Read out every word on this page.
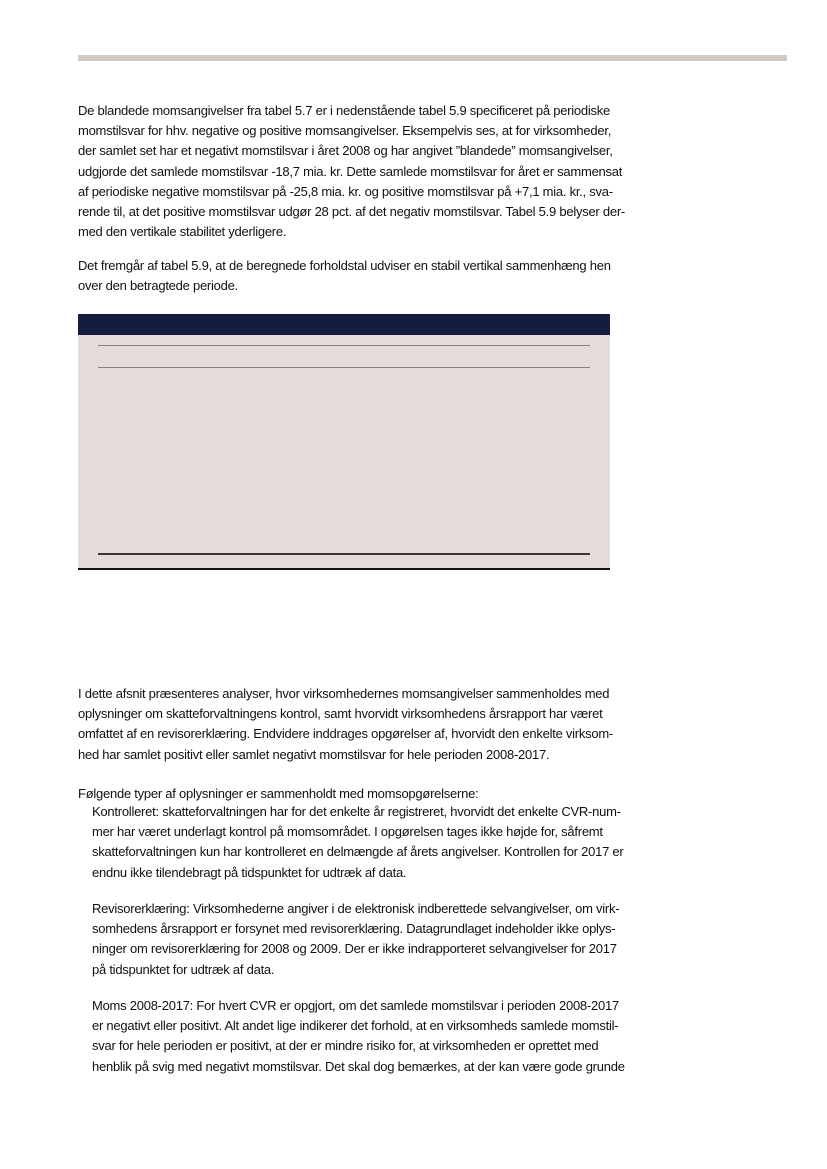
De blandede momsangivelser fra tabel 5.7 er i nedenstående tabel 5.9 specificeret på periodiske
momstilsvar for hhv. negative og positive momsangivelser. Eksempelvis ses, at for virksomheder,
der samlet set har et negativt momstilsvar i året 2008 og har angivet ”blandede” momsangivelser,
udgjorde det samlede momstilsvar -18,7 mia. kr. Dette samlede momstilsvar for året er sammensat
af periodiske negative momstilsvar på -25,8 mia. kr. og positive momstilsvar på +7,1 mia. kr., sva-
rende til, at det positive momstilsvar udgør 28 pct. af det negativ momstilsvar. Tabel 5.9 belyser der-
med den vertikale stabilitet yderligere.

Det fremgår af tabel 5.9, at de beregnede forholdstal udviser en stabil vertikal sammenhæng hen
over den betragtede periode.

I dette afsnit præsenteres analyser, hvor virksomhedernes momsangivelser sammenholdes med
oplysninger om skatteforvaltningens kontrol, samt hvorvidt virksomhedens årsrapport har været
omfattet af en revisorerklæring. Endvidere inddrages opgørelser af, hvorvidt den enkelte virksom-
hed har samlet positivt eller samlet negativt momstilsvar for hele perioden 2008-2017.

Følgende typer af oplysninger er sammenholdt med momsopgørelserne:

Kontrolleret: skatteforvaltningen har for det enkelte år registreret, hvorvidt det enkelte CVR-num-
mer har været underlagt kontrol på momsområdet. I opgørelsen tages ikke højde for, såfremt
skatteforvaltningen kun har kontrolleret en delmængde af årets angivelser. Kontrollen for 2017 er
endnu ikke tilendebragt på tidspunktet for udtræk af data.
Revisorerklæring: Virksomhederne angiver i de elektronisk indberettede selvangivelser, om virk-
somhedens årsrapport er forsynet med revisorerklæring. Datagrundlaget indeholder ikke oplys-
ninger om revisorerklæring for 2008 og 2009. Der er ikke indrapporteret selvangivelser for 2017
på tidspunktet for udtræk af data.
Moms 2008-2017: For hvert CVR er opgjort, om det samlede momstilsvar i perioden 2008-2017
er negativt eller positivt. Alt andet lige indikerer det forhold, at en virksomheds samlede momstil-
svar for hele perioden er positivt, at der er mindre risiko for, at virksomheden er oprettet med
henblik på svig med negativt momstilsvar. Det skal dog bemærkes, at der kan være gode grunde
